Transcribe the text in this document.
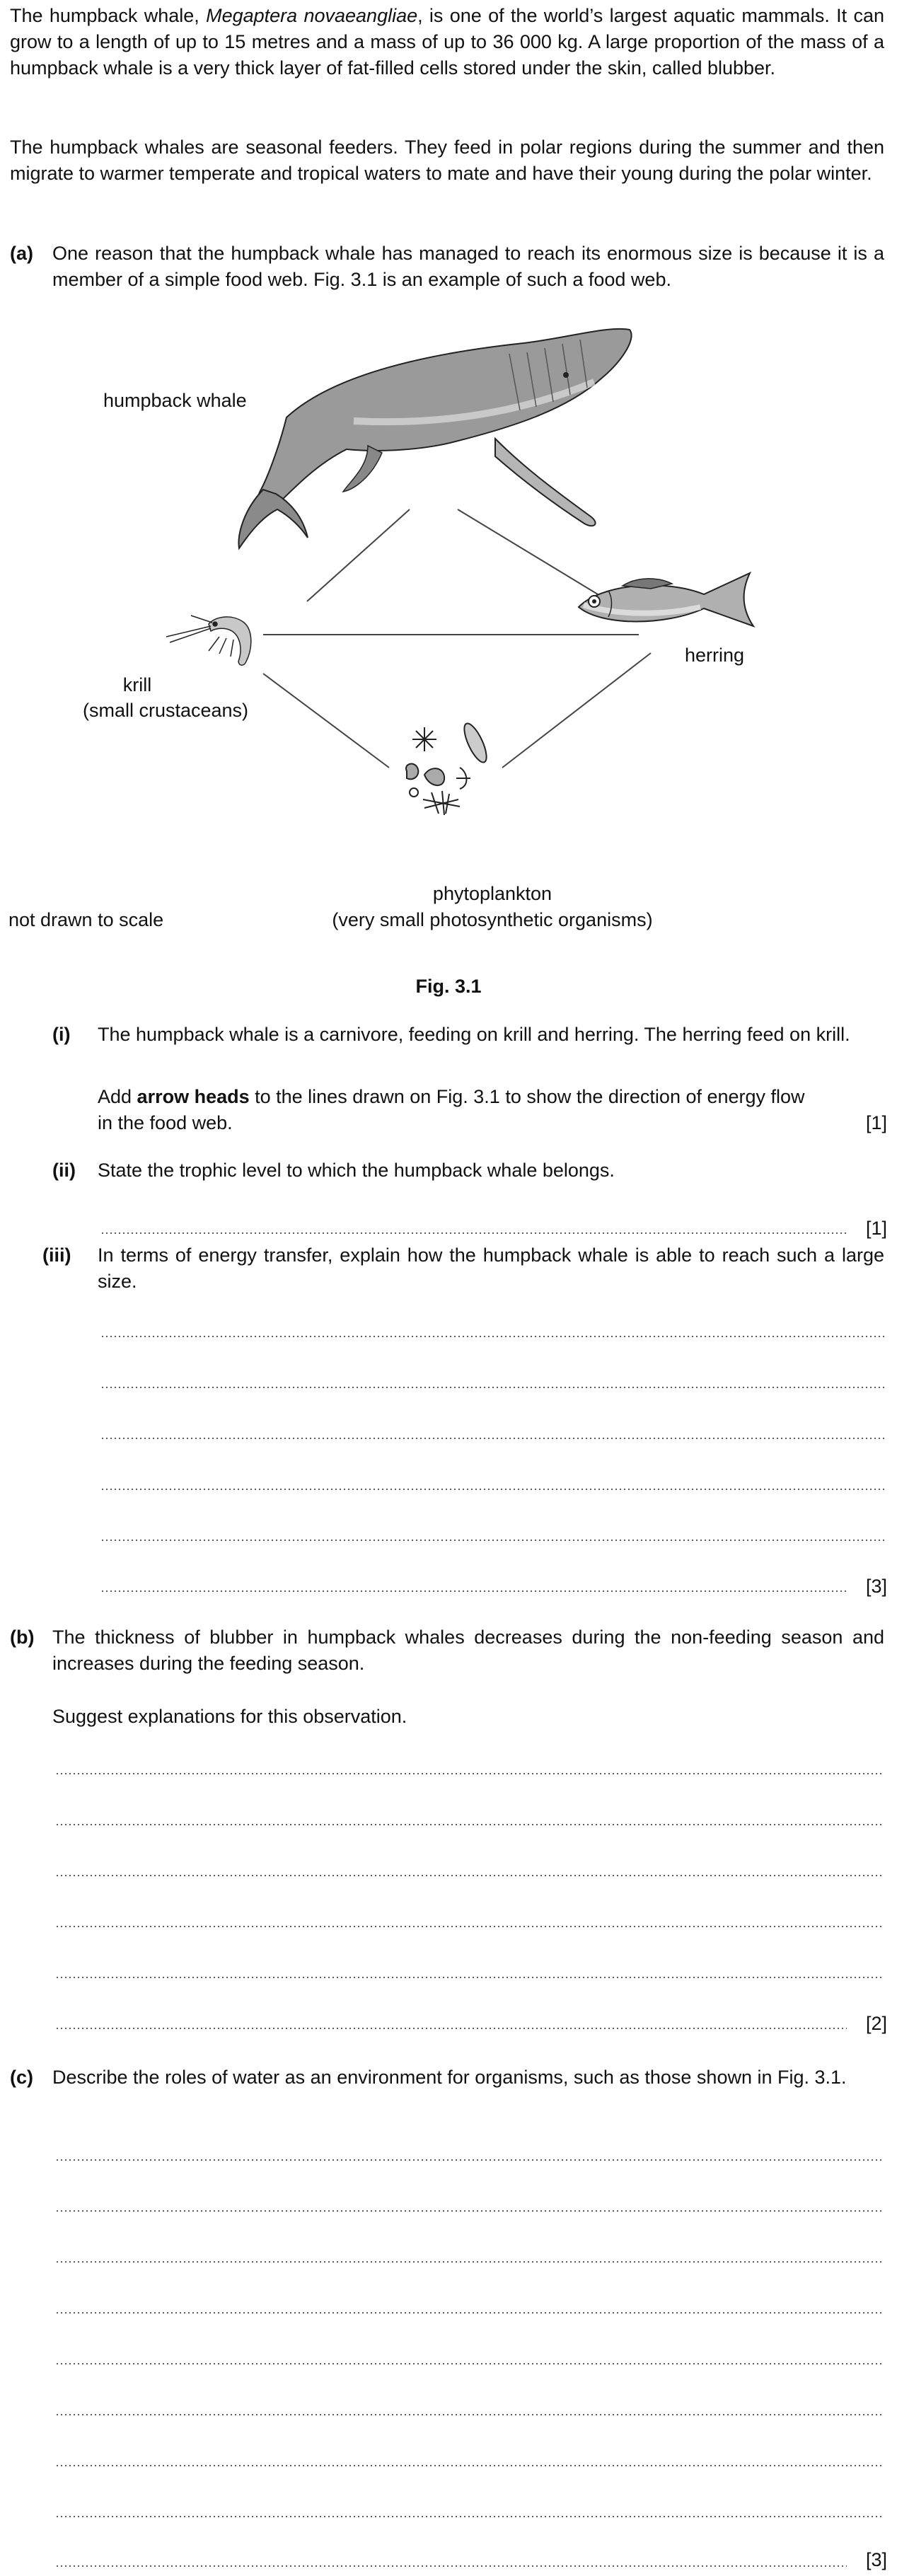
The humpback whale, Megaptera novaeangliae, is one of the world’s largest aquatic mammals. It can grow to a length of up to 15 metres and a mass of up to 36 000 kg. A large proportion of the mass of a humpback whale is a very thick layer of fat-filled cells stored under the skin, called blubber.

The humpback whales are seasonal feeders. They feed in polar regions during the summer and then migrate to warmer temperate and tropical waters to mate and have their young during the polar winter.

(a) One reason that the humpback whale has managed to reach its enormous size is because it is a member of a simple food web. Fig. 3.1 is an example of such a food web.

humpback whale
krill
(small crustaceans)
herring
phytoplankton
(very small photosynthetic organisms)
not drawn to scale
Fig. 3.1
(i) The humpback whale is a carnivore, feeding on krill and herring. The herring feed on krill.

Add arrow heads to the lines drawn on Fig. 3.1 to show the direction of energy flow in the food web.	[1]
(ii) State the trophic level to which the humpback whale belongs.

[1]
(iii) In terms of energy transfer, explain how the humpback whale is able to reach such a large size.

[3]
(b) The thickness of blubber in humpback whales decreases during the non-feeding season and increases during the feeding season.

Suggest explanations for this observation.

[2]
(c) Describe the roles of water as an environment for organisms, such as those shown in Fig. 3.1.

[3]
